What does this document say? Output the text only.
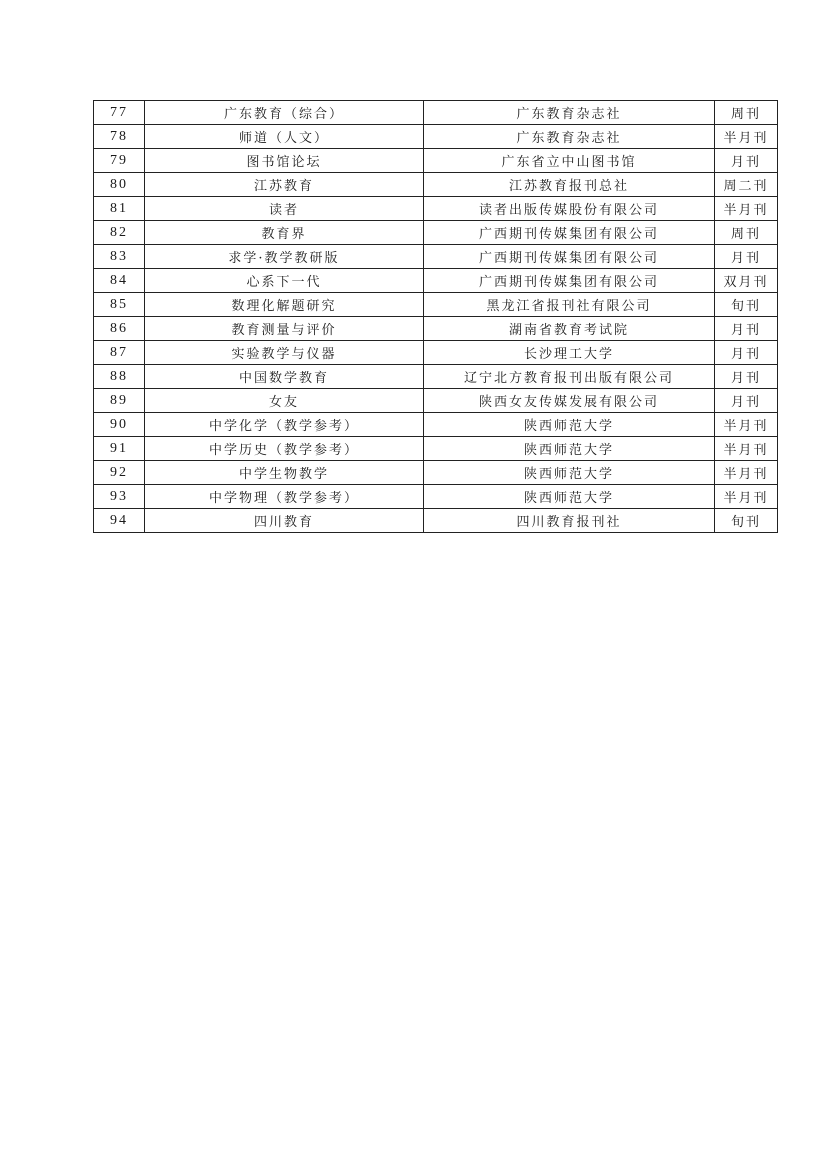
77	广东教育（综合）	广东教育杂志社	周刊
78	师道（人文）	广东教育杂志社	半月刊
79	图书馆论坛	广东省立中山图书馆	月刊
80	江苏教育	江苏教育报刊总社	周二刊
81	读者	读者出版传媒股份有限公司	半月刊
82	教育界	广西期刊传媒集团有限公司	周刊
83	求学·教学教研版	广西期刊传媒集团有限公司	月刊
84	心系下一代	广西期刊传媒集团有限公司	双月刊
85	数理化解题研究	黑龙江省报刊社有限公司	旬刊
86	教育测量与评价	湖南省教育考试院	月刊
87	实验教学与仪器	长沙理工大学	月刊
88	中国数学教育	辽宁北方教育报刊出版有限公司	月刊
89	女友	陕西女友传媒发展有限公司	月刊
90	中学化学（教学参考）	陕西师范大学	半月刊
91	中学历史（教学参考）	陕西师范大学	半月刊
92	中学生物教学	陕西师范大学	半月刊
93	中学物理（教学参考）	陕西师范大学	半月刊
94	四川教育	四川教育报刊社	旬刊
